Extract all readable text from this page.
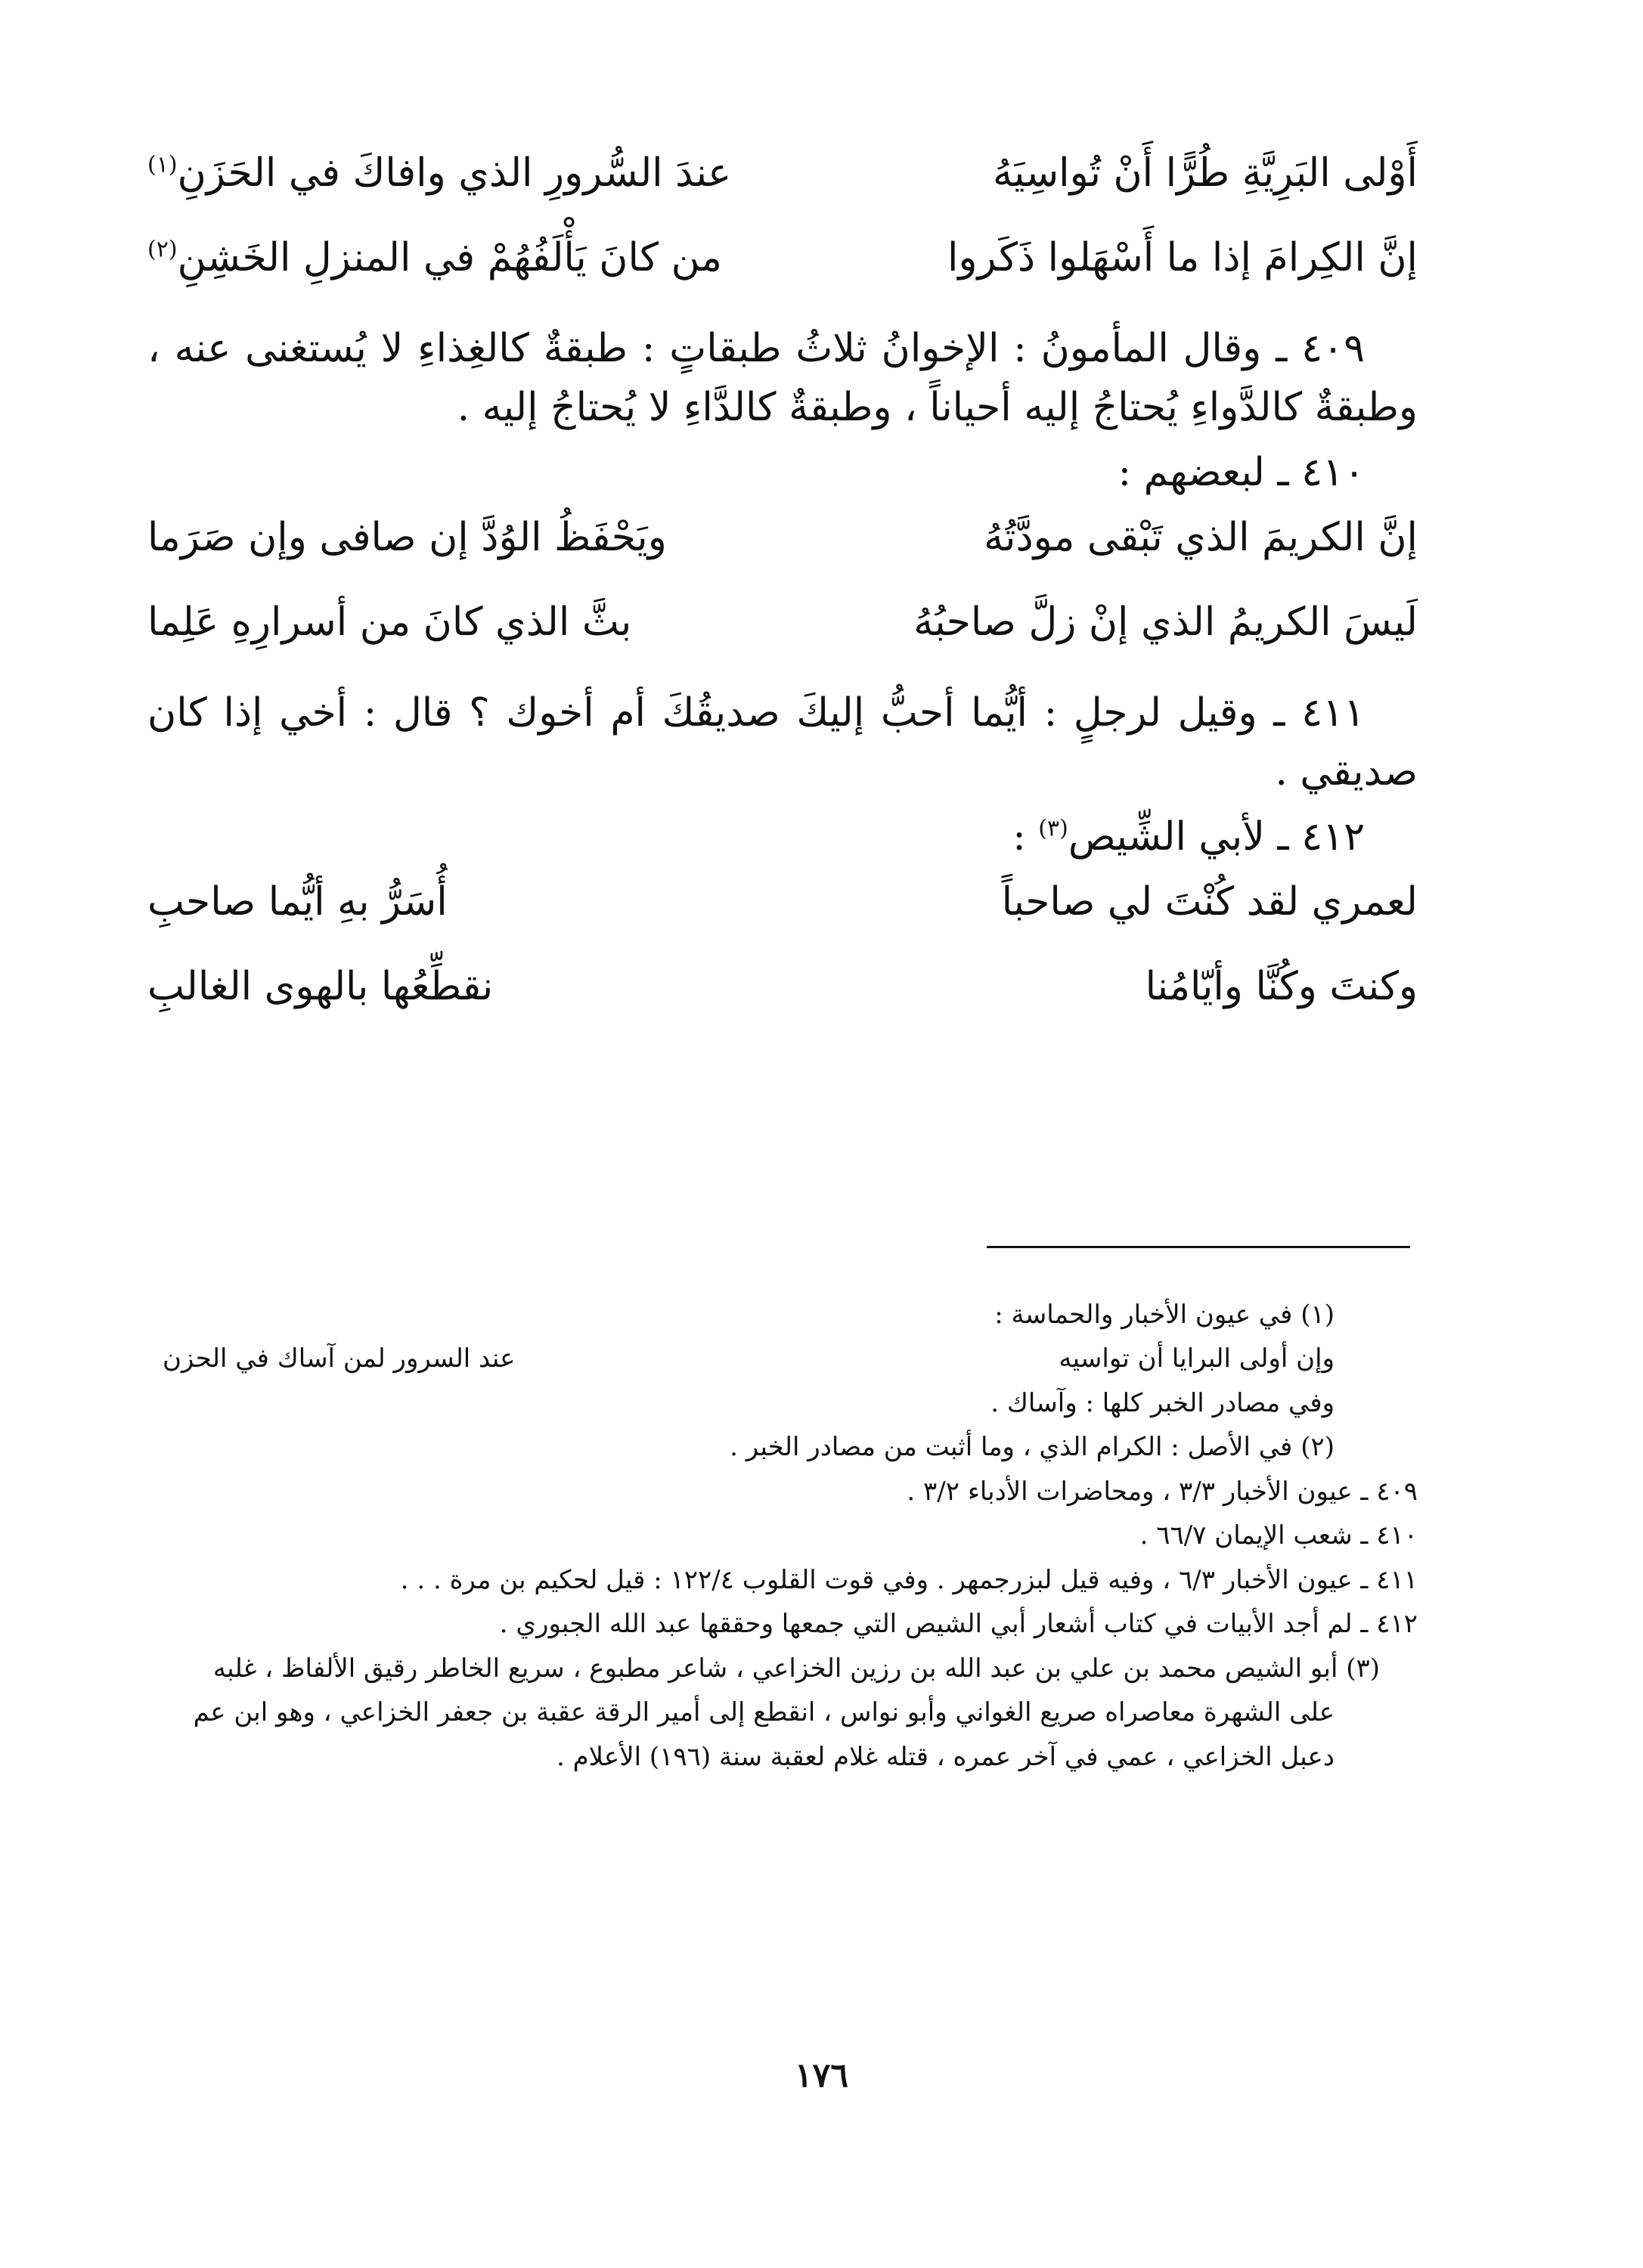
أَوْلى البَرِيَّةِ طُرًّا أَنْ تُواسِيَهُ
عندَ السُّرورِ الذي وافاكَ في الحَزَنِ$^{(١)}$
إنَّ الكِرامَ إذا ما أَسْهَلوا ذَكَروا
من كانَ يَأْلَفُهُمْ في المنزلِ الخَشِنِ$^{(٢)}$

٤٠٩ ـ وقال المأمونُ : الإخوانُ ثلاثُ طبقاتٍ : طبقةٌ كالغِذاءِ لا يُستغنى عنه ، وطبقةٌ كالدَّواءِ يُحتاجُ إليه أحياناً ، وطبقةٌ كالدَّاءِ لا يُحتاجُ إليه .

٤١٠ ـ لبعضهم :

إنَّ الكريمَ الذي تَبْقى مودَّتُهُ
ويَحْفَظُ الوُدَّ إن صافى وإن صَرَما
لَيسَ الكريمُ الذي إنْ زلَّ صاحبُهُ
بثَّ الذي كانَ من أسرارِهِ عَلِما

٤١١ ـ وقيل لرجلٍ : أيُّما أحبُّ إليكَ صديقُكَ أم أخوك ؟ قال : أخي إذا كان صديقي .

٤١٢ ـ لأبي الشِّيص$^{(٣)}$ :

لعمري لقد كُنْتَ لي صاحباً
أُسَرُّ بهِ أيُّما صاحبِ
وكنتَ وكُنَّا وأيّامُنا
نقطِّعُها بالهوى الغالبِ

(١) في عيون الأخبار والحماسة :

وإن أولى البرايا أن تواسيه
عند السرور لمن آساك في الحزن

وفي مصادر الخبر كلها : وآساك .

(٢) في الأصل : الكرام الذي ، وما أثبت من مصادر الخبر .

٤٠٩ ـ عيون الأخبار ٣/٣ ، ومحاضرات الأدباء ٣/٢ .

٤١٠ ـ شعب الإيمان ٦٦/٧ .

٤١١ ـ عيون الأخبار ٦/٣ ، وفيه قيل لبزرجمهر . وفي قوت القلوب ١٢٢/٤ : قيل لحكيم بن مرة . . .

٤١٢ ـ لم أجد الأبيات في كتاب أشعار أبي الشيص التي جمعها وحققها عبد الله الجبوري .

(٣) أبو الشيص محمد بن علي بن عبد الله بن رزين الخزاعي ، شاعر مطبوع ، سريع الخاطر رقيق الألفاظ ، غلبه على الشهرة معاصراه صريع الغواني وأبو نواس ، انقطع إلى أمير الرقة عقبة بن جعفر الخزاعي ، وهو ابن عم دعبل الخزاعي ، عمي في آخر عمره ، قتله غلام لعقبة سنة (١٩٦) الأعلام .

١٧٦
